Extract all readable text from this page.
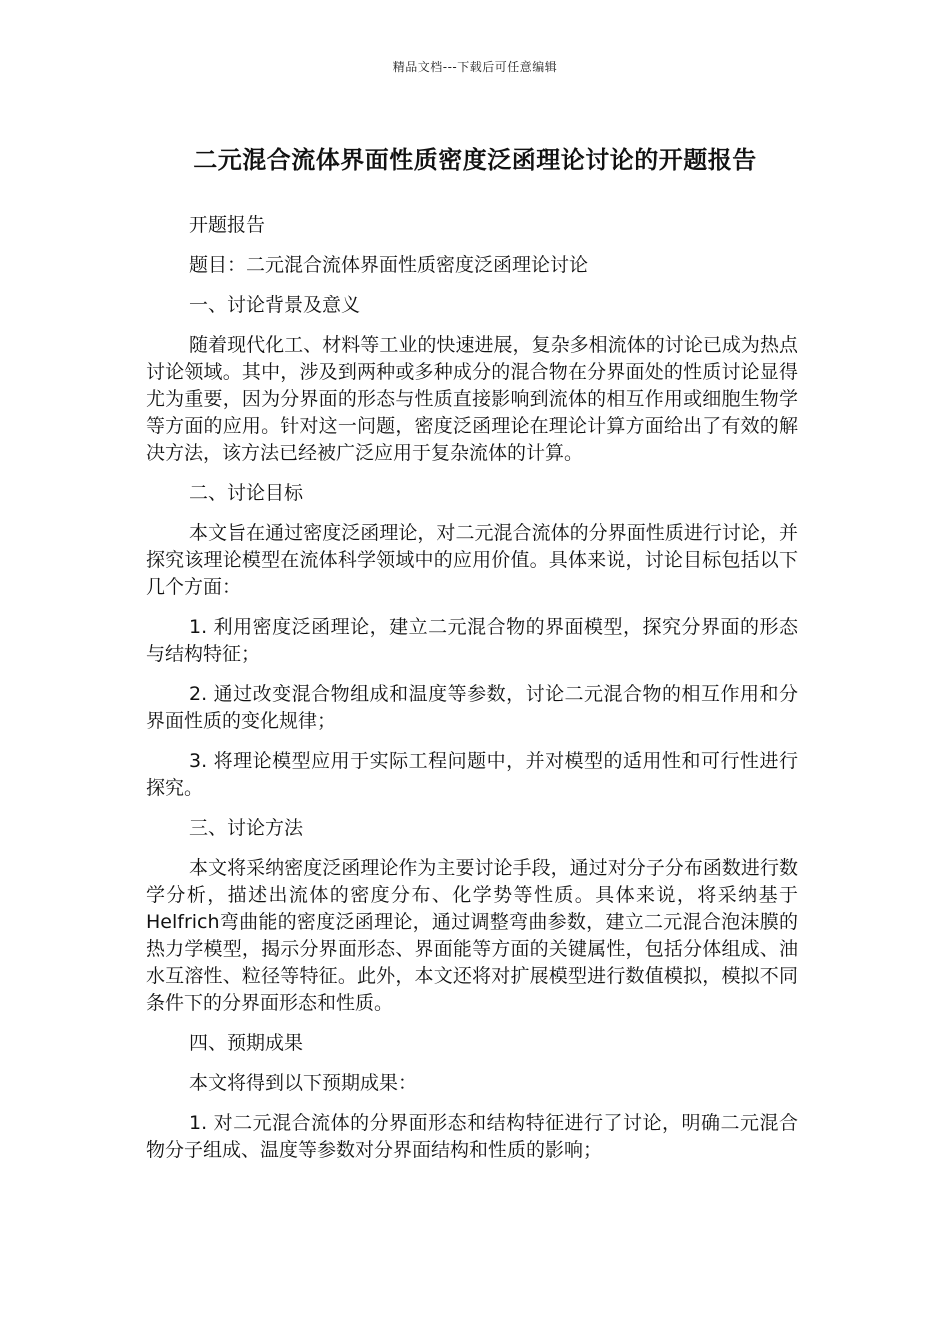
精品文档---下载后可任意编辑
二元混合流体界面性质密度泛函理论讨论的开题报告

开题报告

题目：二元混合流体界面性质密度泛函理论讨论

一、讨论背景及意义

随着现代化工、材料等工业的快速进展，复杂多相流体的讨论已成为热点讨论领域。其中，涉及到两种或多种成分的混合物在分界面处的性质讨论显得尤为重要，因为分界面的形态与性质直接影响到流体的相互作用或细胞生物学等方面的应用。针对这一问题，密度泛函理论在理论计算方面给出了有效的解决方法，该方法已经被广泛应用于复杂流体的计算。

二、讨论目标

本文旨在通过密度泛函理论，对二元混合流体的分界面性质进行讨论，并探究该理论模型在流体科学领域中的应用价值。具体来说，讨论目标包括以下几个方面：

1. 利用密度泛函理论，建立二元混合物的界面模型，探究分界面的形态与结构特征；

2. 通过改变混合物组成和温度等参数，讨论二元混合物的相互作用和分界面性质的变化规律；

3. 将理论模型应用于实际工程问题中，并对模型的适用性和可行性进行探究。

三、讨论方法

本文将采纳密度泛函理论作为主要讨论手段，通过对分子分布函数进行数学分析，描述出流体的密度分布、化学势等性质。具体来说，将采纳基于Helfrich弯曲能的密度泛函理论，通过调整弯曲参数，建立二元混合泡沫膜的热力学模型，揭示分界面形态、界面能等方面的关键属性，包括分体组成、油水互溶性、粒径等特征。此外，本文还将对扩展模型进行数值模拟，模拟不同条件下的分界面形态和性质。

四、预期成果

本文将得到以下预期成果：

1. 对二元混合流体的分界面形态和结构特征进行了讨论，明确二元混合物分子组成、温度等参数对分界面结构和性质的影响；
